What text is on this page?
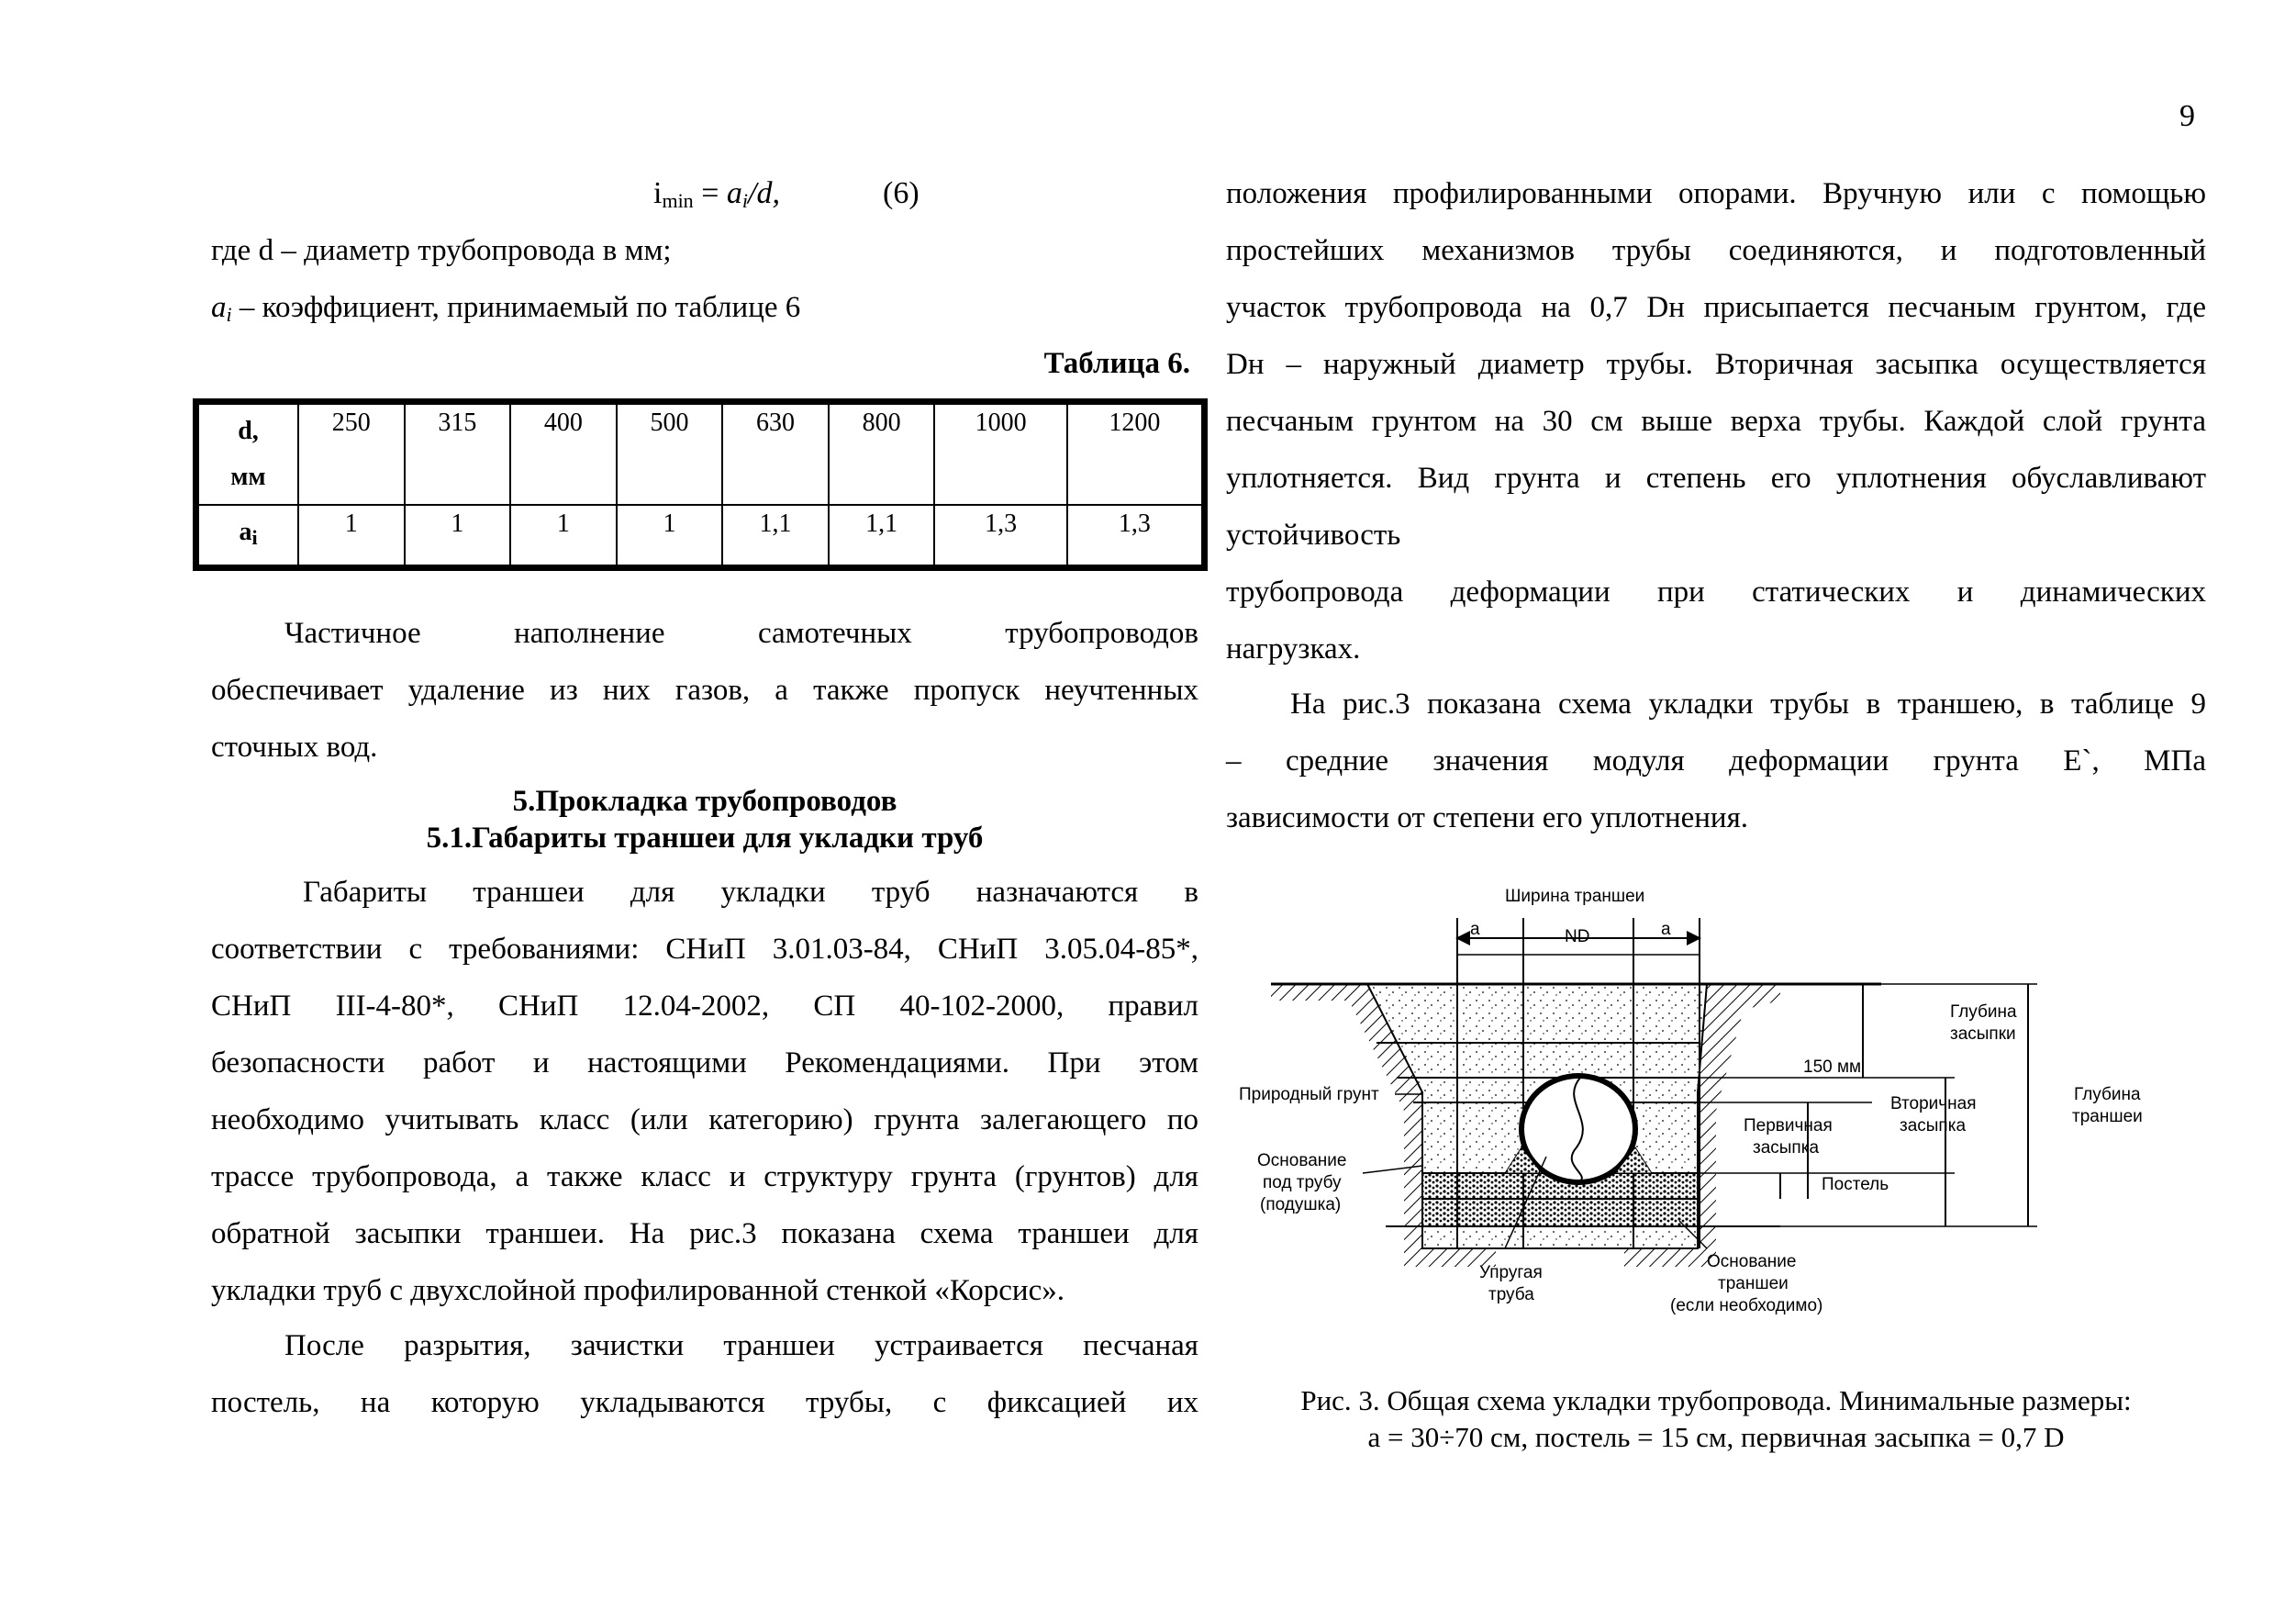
9
$i_{min} = a_i/d$,	(6)
где d – диаметр трубопровода в мм;
$a_i$ – коэффициент, принимаемый по таблице 6
Таблица 6.
d,
мм	250	315	400	500	630	800	1000	1200
$a_i$	1	1	1	1	1,1	1,1	1,3	1,3
Частичное наполнение самотечных трубопроводов
обеспечивает удаление из них газов, а также пропуск неучтенных
сточных вод.
5.Прокладка трубопроводов
5.1.Габариты траншеи для укладки труб
Габариты траншеи для укладки труб назначаются в
соответствии с требованиями: СНиП 3.01.03-84, СНиП 3.05.04-85*,
СНиП III-4-80*, СНиП 12.04-2002, СП 40-102-2000, правил
безопасности работ и настоящими Рекомендациями. При этом
необходимо учитывать класс (или категорию) грунта залегающего по
трассе трубопровода, а также класс и структуру грунта (грунтов) для
обратной засыпки траншеи. На рис.3 показана схема траншеи для
укладки труб с двухслойной профилированной стенкой «Корсис».
После разрытия, зачистки траншеи устраивается песчаная
постель, на которую укладываются трубы, с фиксацией их
положения профилированными опорами. Вручную или с помощью
простейших механизмов трубы соединяются, и подготовленный
участок трубопровода на 0,7 Dн присыпается песчаным грунтом, где
Dн – наружный диаметр трубы. Вторичная засыпка осуществляется
песчаным грунтом на 30 см выше верха трубы. Каждой слой грунта
уплотняется. Вид грунта и степень его уплотнения обуславливают
устойчивость
трубопровода деформации при статических и динамических
нагрузках.
На рис.3 показана схема укладки трубы в траншею, в таблице 9
– средние значения модуля деформации грунта E`, МПа
зависимости от степени его уплотнения.
Ширина траншеи
a	ND	a
Глубина
засыпки
150 мм
Природный грунт	Вторичная
засыпка
Первичная
засыпка
Глубина
траншеи
Основание
под трубу
(подушка)
Постель
Упругая
труба
Основание
траншеи
(если необходимо)
Рис. 3. Общая схема укладки трубопровода. Минимальные размеры:
a = 30÷70 см, постель = 15 см, первичная засыпка = 0,7 D
